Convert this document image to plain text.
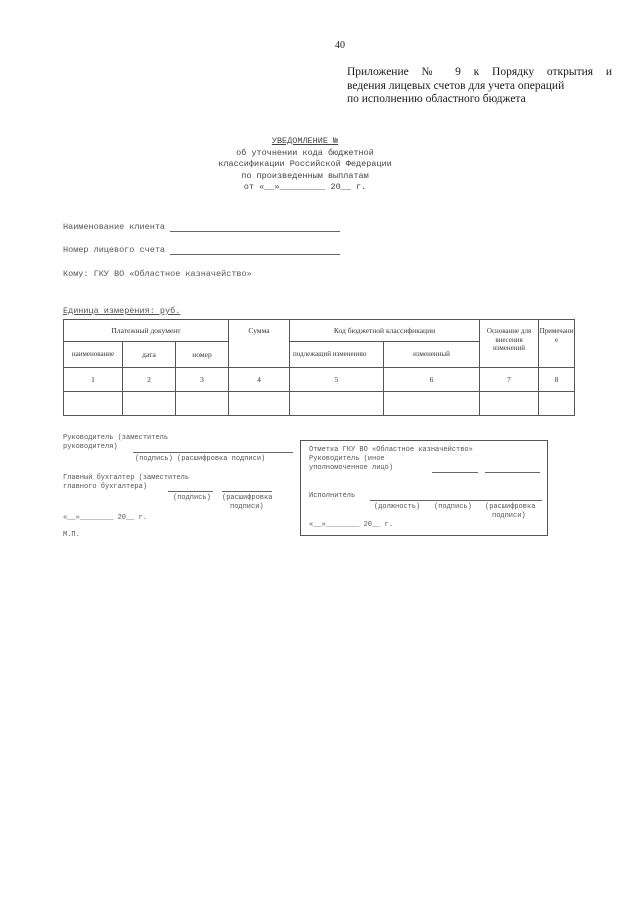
40
Приложение № 9 к Порядку открытия и
ведения лицевых счетов для учета операций
по исполнению областного бюджета
УВЕДОМЛЕНИЕ №
об уточнении кода бюджетной
классификации Российской Федерации
по произведенным выплатам
от «__»_________ 20__ г.
Наименование клиента
Номер лицевого счета
Кому: ГКУ ВО «Областное казначейство»
Единица измерения: руб.
Платежный документ			Сумма	Код бюджетной классификации		Основание для внесения изменений	Примечание
наименование	дата	номер		подлежащий изменению	измененный		
1	2	3	4	5	6	7	8

Руководитель (заместитель
руководителя)
(подпись) (расшифровка подписи)
Главный бухгалтер (заместитель
главного бухгалтера)
(подпись) (расшифровка
подписи)
«__»________ 20__ г.
М.П.
Отметка ГКУ ВО «Областное казначейство»
Руководитель (иное
уполномоченное лицо)
Исполнитель
(должность) (подпись) (расшифровка
подписи)
«__»________ 20__ г.
